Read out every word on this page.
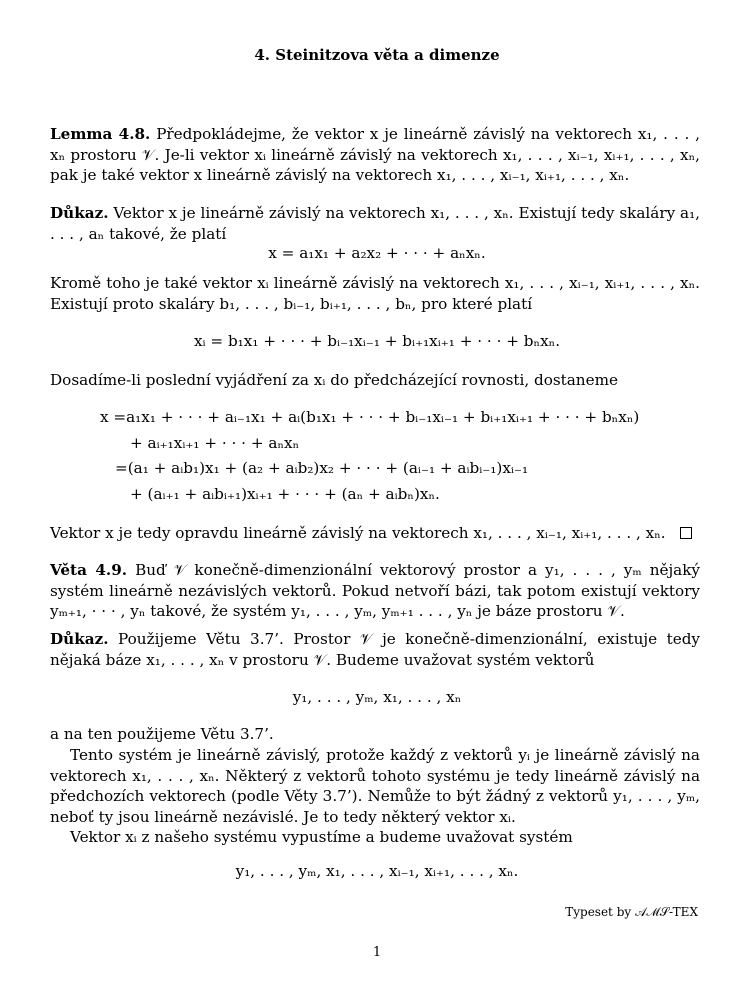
4. Steinitzova věta a dimenze
Lemma 4.8. Předpokládejme, že vektor x je lineárně závislý na vektorech x₁, . . . , xₙ prostoru 𝒱. Je-li vektor xᵢ lineárně závislý na vektorech x₁, . . . , xᵢ₋₁, xᵢ₊₁, . . . , xₙ, pak je také vektor x lineárně závislý na vektorech x₁, . . . , xᵢ₋₁, xᵢ₊₁, . . . , xₙ.
Důkaz. Vektor x je lineárně závislý na vektorech x₁, . . . , xₙ. Existují tedy skaláry a₁, . . . , aₙ takové, že platí
x = a₁x₁ + a₂x₂ + · · · + aₙxₙ.
Kromě toho je také vektor xᵢ lineárně závislý na vektorech x₁, . . . , xᵢ₋₁, xᵢ₊₁, . . . , xₙ. Existují proto skaláry b₁, . . . , bᵢ₋₁, bᵢ₊₁, . . . , bₙ, pro které platí
xᵢ = b₁x₁ + · · · + bᵢ₋₁xᵢ₋₁ + bᵢ₊₁xᵢ₊₁ + · · · + bₙxₙ.
Dosadíme-li poslední vyjádření za xᵢ do předcházející rovnosti, dostaneme
x =a₁x₁ + · · · + aᵢ₋₁x₁ + aᵢ(b₁x₁ + · · · + bᵢ₋₁xᵢ₋₁ + bᵢ₊₁xᵢ₊₁ + · · · + bₙxₙ)
+ aᵢ₊₁xᵢ₊₁ + · · · + aₙxₙ
=(a₁ + aᵢb₁)x₁ + (a₂ + aᵢb₂)x₂ + · · · + (aᵢ₋₁ + aᵢbᵢ₋₁)xᵢ₋₁
+ (aᵢ₊₁ + aᵢbᵢ₊₁)xᵢ₊₁ + · · · + (aₙ + aᵢbₙ)xₙ.
Vektor x je tedy opravdu lineárně závislý na vektorech x₁, . . . , xᵢ₋₁, xᵢ₊₁, . . . , xₙ.
Věta 4.9. Buď 𝒱 konečně-dimenzionální vektorový prostor a y₁, . . . , yₘ nějaký systém lineárně nezávislých vektorů. Pokud netvoří bázi, tak potom existují vektory yₘ₊₁, · · · , yₙ takové, že systém y₁, . . . , yₘ, yₘ₊₁ . . . , yₙ je báze prostoru 𝒱.
Důkaz. Použijeme Větu 3.7’. Prostor 𝒱 je konečně-dimenzionální, existuje tedy nějaká báze x₁, . . . , xₙ v prostoru 𝒱. Budeme uvažovat systém vektorů
y₁, . . . , yₘ, x₁, . . . , xₙ
a na ten použijeme Větu 3.7’.
Tento systém je lineárně závislý, protože každý z vektorů yᵢ je lineárně závislý na vektorech x₁, . . . , xₙ. Některý z vektorů tohoto systému je tedy lineárně závislý na předchozích vektorech (podle Věty 3.7’). Nemůže to být žádný z vektorů y₁, . . . , yₘ, neboť ty jsou lineárně nezávislé. Je to tedy některý vektor xᵢ.
Vektor xᵢ z našeho systému vypustíme a budeme uvažovat systém
y₁, . . . , yₘ, x₁, . . . , xᵢ₋₁, xᵢ₊₁, . . . , xₙ.
Typeset by 𝒜ℳ𝒮-TEX
1
